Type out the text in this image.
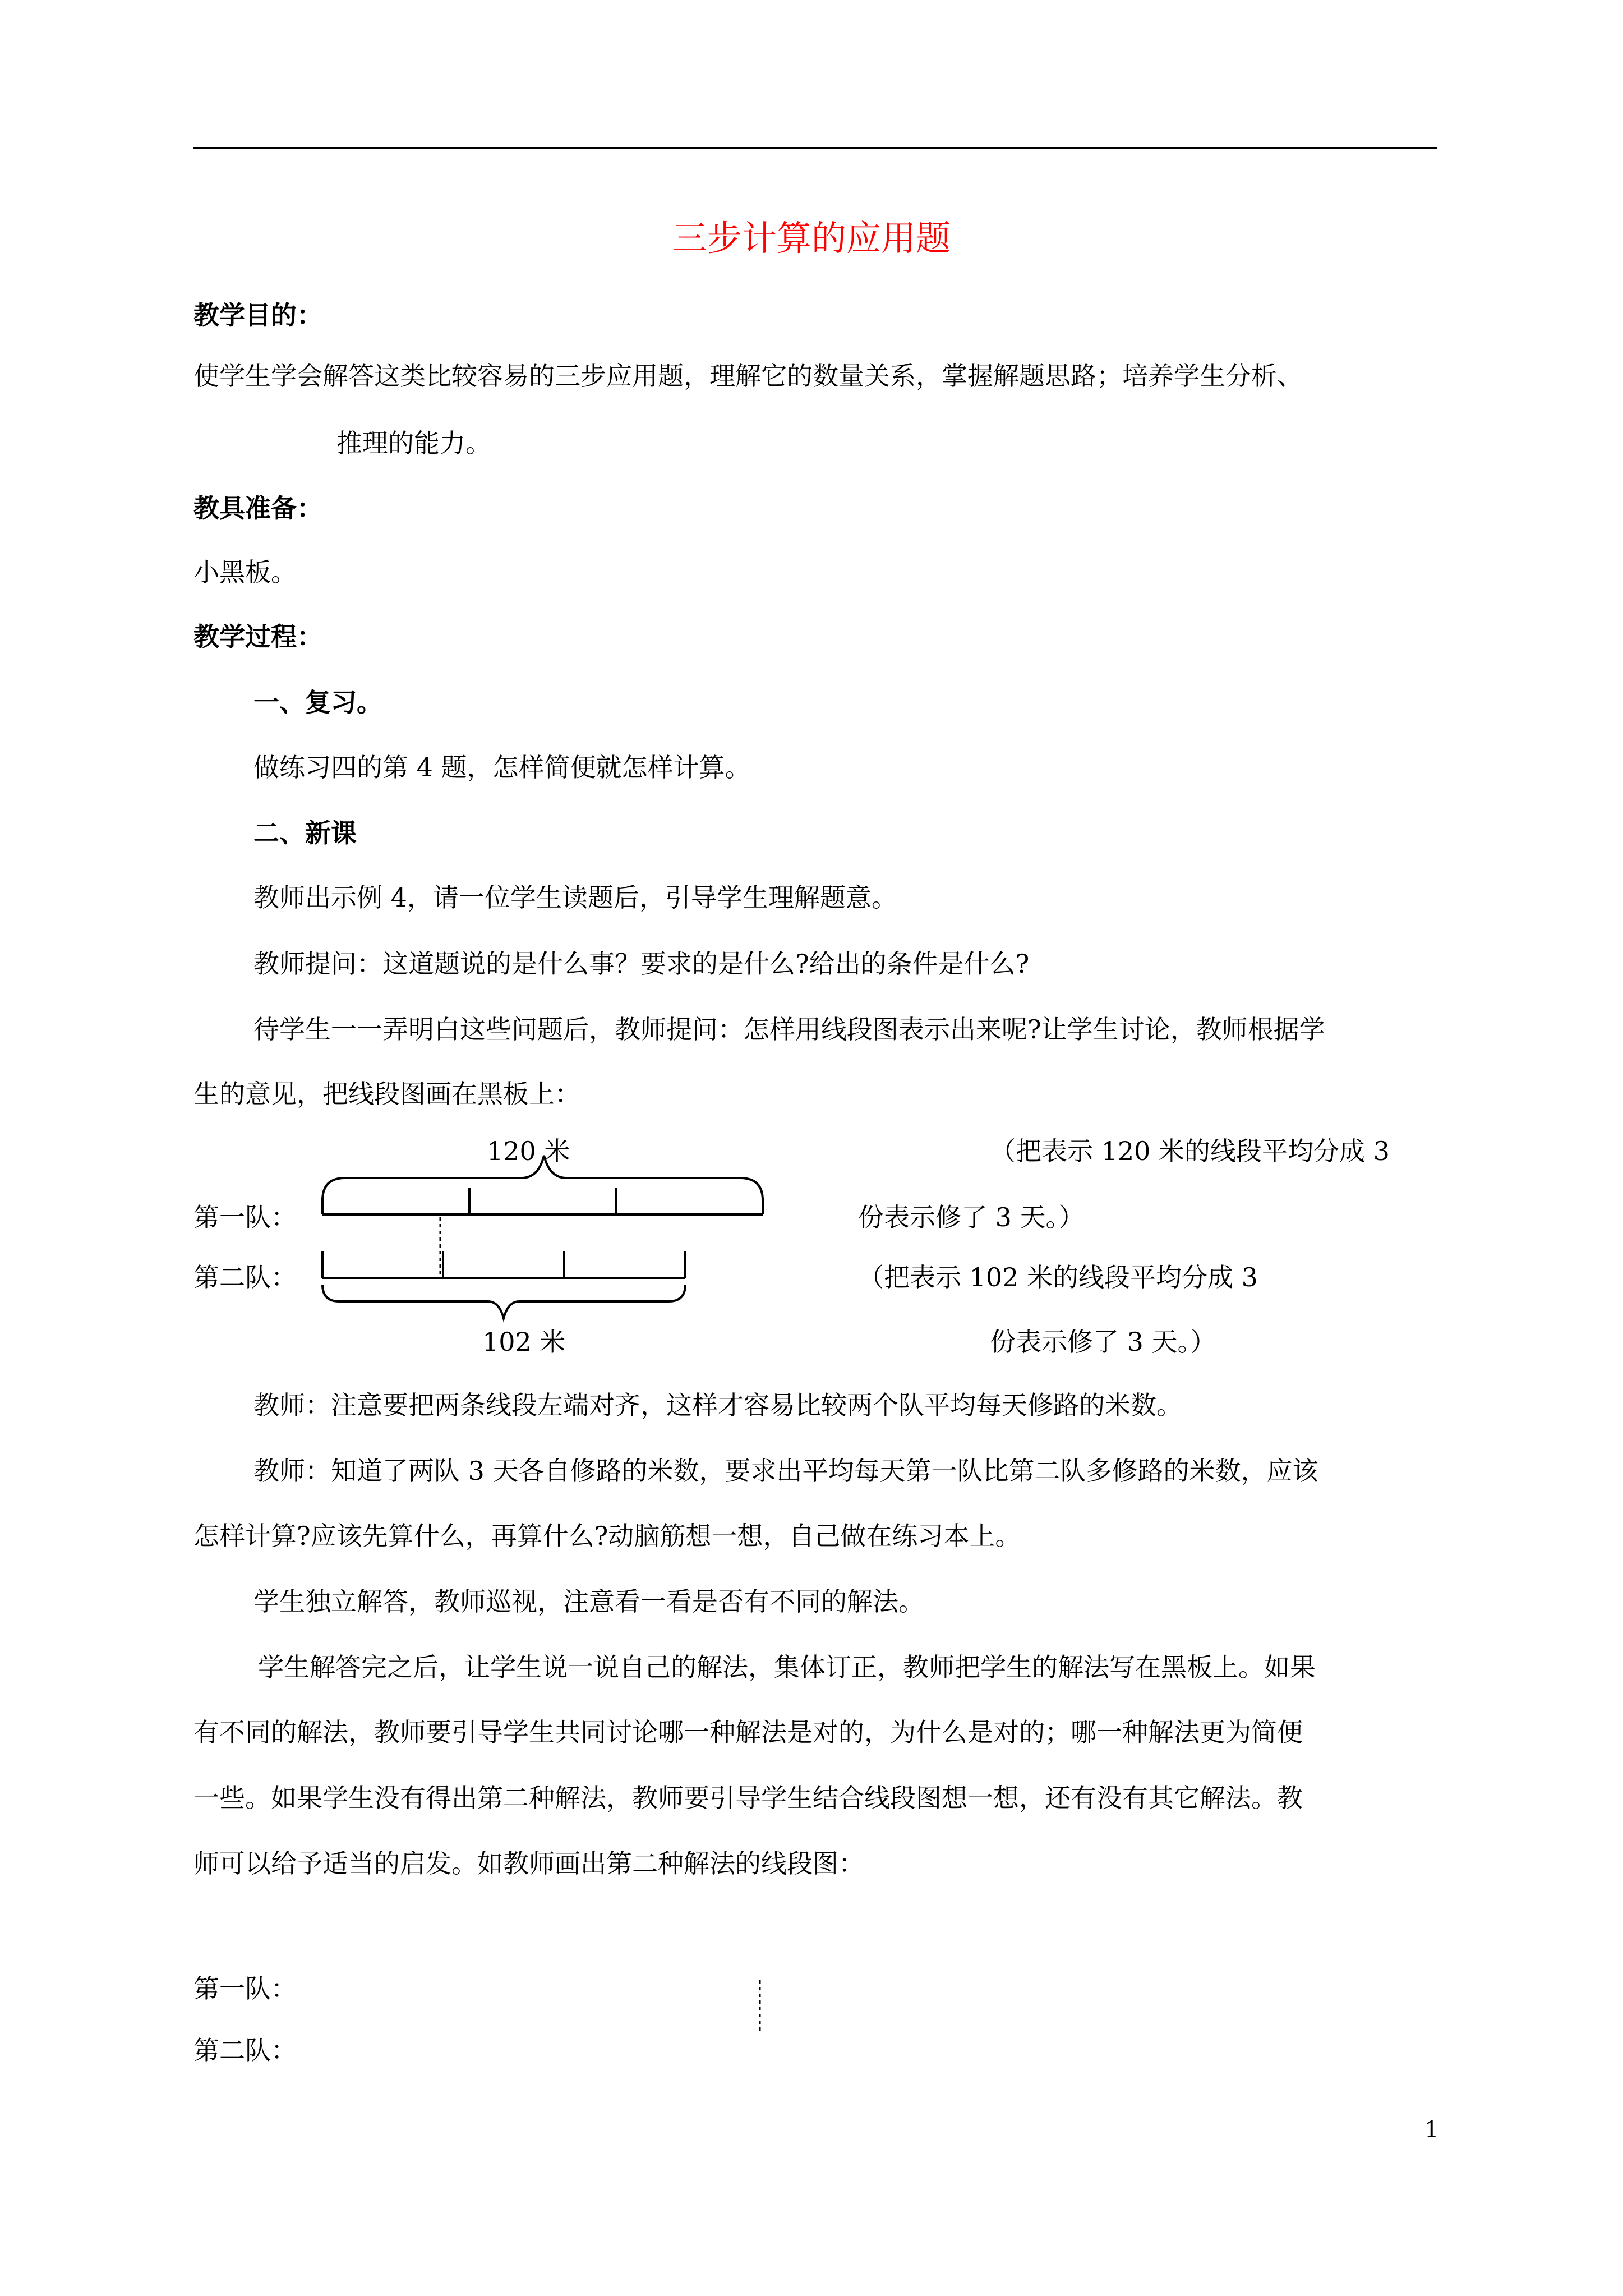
三步计算的应用题
教学目的：
使学生学会解答这类比较容易的三步应用题，理解它的数量关系，掌握解题思路；培养学生分析、
推理的能力。
教具准备：
小黑板。
教学过程：
一、复习。
做练习四的第 4 题，怎样简便就怎样计算。
二、新课
教师出示例 4，请一位学生读题后，引导学生理解题意。
教师提问：这道题说的是什么事？要求的是什么?给出的条件是什么?
待学生一一弄明白这些问题后，教师提问：怎样用线段图表示出来呢?让学生讨论，教师根据学
生的意见，把线段图画在黑板上：
120 米
第一队：
第二队：
102 米
（把表示 120 米的线段平均分成 3
份表示修了 3 天。）
（把表示 102 米的线段平均分成 3
份表示修了 3 天。）
教师：注意要把两条线段左端对齐，这样才容易比较两个队平均每天修路的米数。
教师：知道了两队 3 天各自修路的米数，要求出平均每天第一队比第二队多修路的米数，应该
怎样计算?应该先算什么，再算什么?动脑筋想一想，自己做在练习本上。
学生独立解答，教师巡视，注意看一看是否有不同的解法。
学生解答完之后，让学生说一说自己的解法，集体订正，教师把学生的解法写在黑板上。如果
有不同的解法，教师要引导学生共同讨论哪一种解法是对的，为什么是对的；哪一种解法更为简便
一些。如果学生没有得出第二种解法，教师要引导学生结合线段图想一想，还有没有其它解法。教
师可以给予适当的启发。如教师画出第二种解法的线段图：
第一队：
第二队：
1
